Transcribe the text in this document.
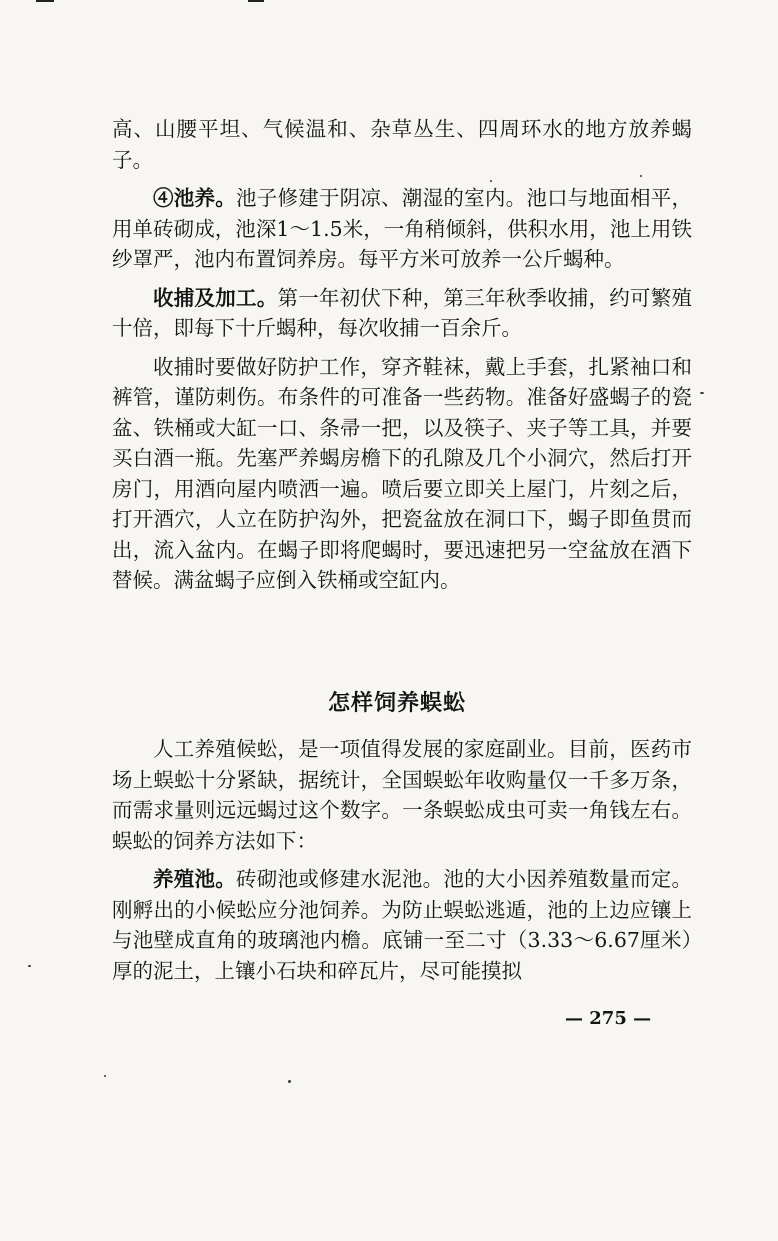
高、山腰平坦、气候温和、杂草丛生、四周环水的地方放养蝎子。

④池养。池子修建于阴凉、潮湿的室内。池口与地面相平，用单砖砌成，池深1～1.5米，一角稍倾斜，供积水用，池上用铁纱罩严，池内布置饲养房。每平方米可放养一公斤蝎种。

收捕及加工。第一年初伏下种，第三年秋季收捕，约可繁殖十倍，即每下十斤蝎种，每次收捕一百余斤。

收捕时要做好防护工作，穿齐鞋袜，戴上手套，扎紧袖口和裤管，谨防刺伤。布条件的可准备一些药物。准备好盛蝎子的瓷盆、铁桶或大缸一口、条帚一把，以及筷子、夹子等工具，并要买白酒一瓶。先塞严养蝎房檐下的孔隙及几个小洞穴，然后打开房门，用酒向屋内喷洒一遍。喷后要立即关上屋门，片刻之后，打开酒穴，人立在防护沟外，把瓷盆放在洞口下，蝎子即鱼贯而出，流入盆内。在蝎子即将爬蝎时，要迅速把另一空盆放在酒下替候。满盆蝎子应倒入铁桶或空缸内。

怎样饲养蜈蚣

人工养殖候蚣，是一项值得发展的家庭副业。目前，医药市场上蜈蚣十分紧缺，据统计，全国蜈蚣年收购量仅一千多万条，而需求量则远远蝎过这个数字。一条蜈蚣成虫可卖一角钱左右。蜈蚣的饲养方法如下：

养殖池。砖砌池或修建水泥池。池的大小因养殖数量而定。刚孵出的小候蚣应分池饲养。为防止蜈蚣逃遁，池的上边应镶上与池壁成直角的玻璃池内檐。底铺一至二寸（3.33～6.67厘米）厚的泥土，上镶小石块和碎瓦片，尽可能摸拟

— 275 —
